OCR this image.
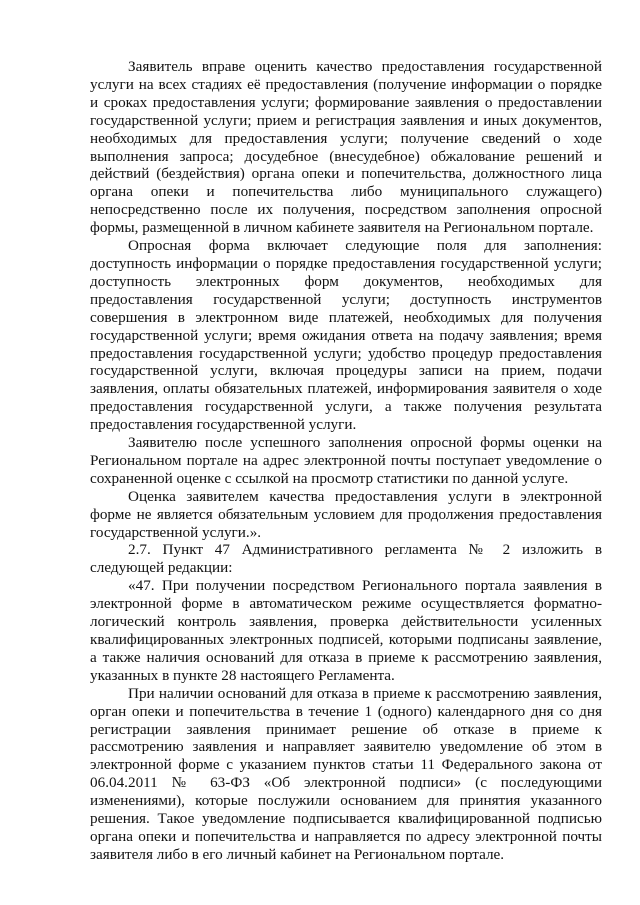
Заявитель вправе оценить качество предоставления государственной услуги на всех стадиях её предоставления (получение информации о порядке и сроках предоставления услуги; формирование заявления о предоставлении государственной услуги; прием и регистрация заявления и иных документов, необходимых для предоставления услуги; получение сведений о ходе выполнения запроса; досудебное (внесудебное) обжалование решений и действий (бездействия) органа опеки и попечительства, должностного лица органа опеки и попечительства либо муниципального служащего) непосредственно после их получения, посредством заполнения опросной формы, размещенной в личном кабинете заявителя на Региональном портале.

Опросная форма включает следующие поля для заполнения: доступность информации о порядке предоставления государственной услуги; доступность электронных форм документов, необходимых для предоставления государственной услуги; доступность инструментов совершения в электронном виде платежей, необходимых для получения государственной услуги; время ожидания ответа на подачу заявления; время предоставления государственной услуги; удобство процедур предоставления государственной услуги, включая процедуры записи на прием, подачи заявления, оплаты обязательных платежей, информирования заявителя о ходе предоставления государственной услуги, а также получения результата предоставления государственной услуги.

Заявителю после успешного заполнения опросной формы оценки на Региональном портале на адрес электронной почты поступает уведомление о сохраненной оценке с ссылкой на просмотр статистики по данной услуге.

Оценка заявителем качества предоставления услуги в электронной форме не является обязательным условием для продолжения предоставления государственной услуги.».

2.7. Пункт 47 Административного регламента № 2 изложить в следующей редакции:

«47. При получении посредством Регионального портала заявления в электронной форме в автоматическом режиме осуществляется форматно-логический контроль заявления, проверка действительности усиленных квалифицированных электронных подписей, которыми подписаны заявление, а также наличия оснований для отказа в приеме к рассмотрению заявления, указанных в пункте 28 настоящего Регламента.

При наличии оснований для отказа в приеме к рассмотрению заявления, орган опеки и попечительства в течение 1 (одного) календарного дня со дня регистрации заявления принимает решение об отказе в приеме к рассмотрению заявления и направляет заявителю уведомление об этом в электронной форме с указанием пунктов статьи 11 Федерального закона от 06.04.2011 № 63-ФЗ «Об электронной подписи» (с последующими изменениями), которые послужили основанием для принятия указанного решения. Такое уведомление подписывается квалифицированной подписью органа опеки и попечительства и направляется по адресу электронной почты заявителя либо в его личный кабинет на Региональном портале.
